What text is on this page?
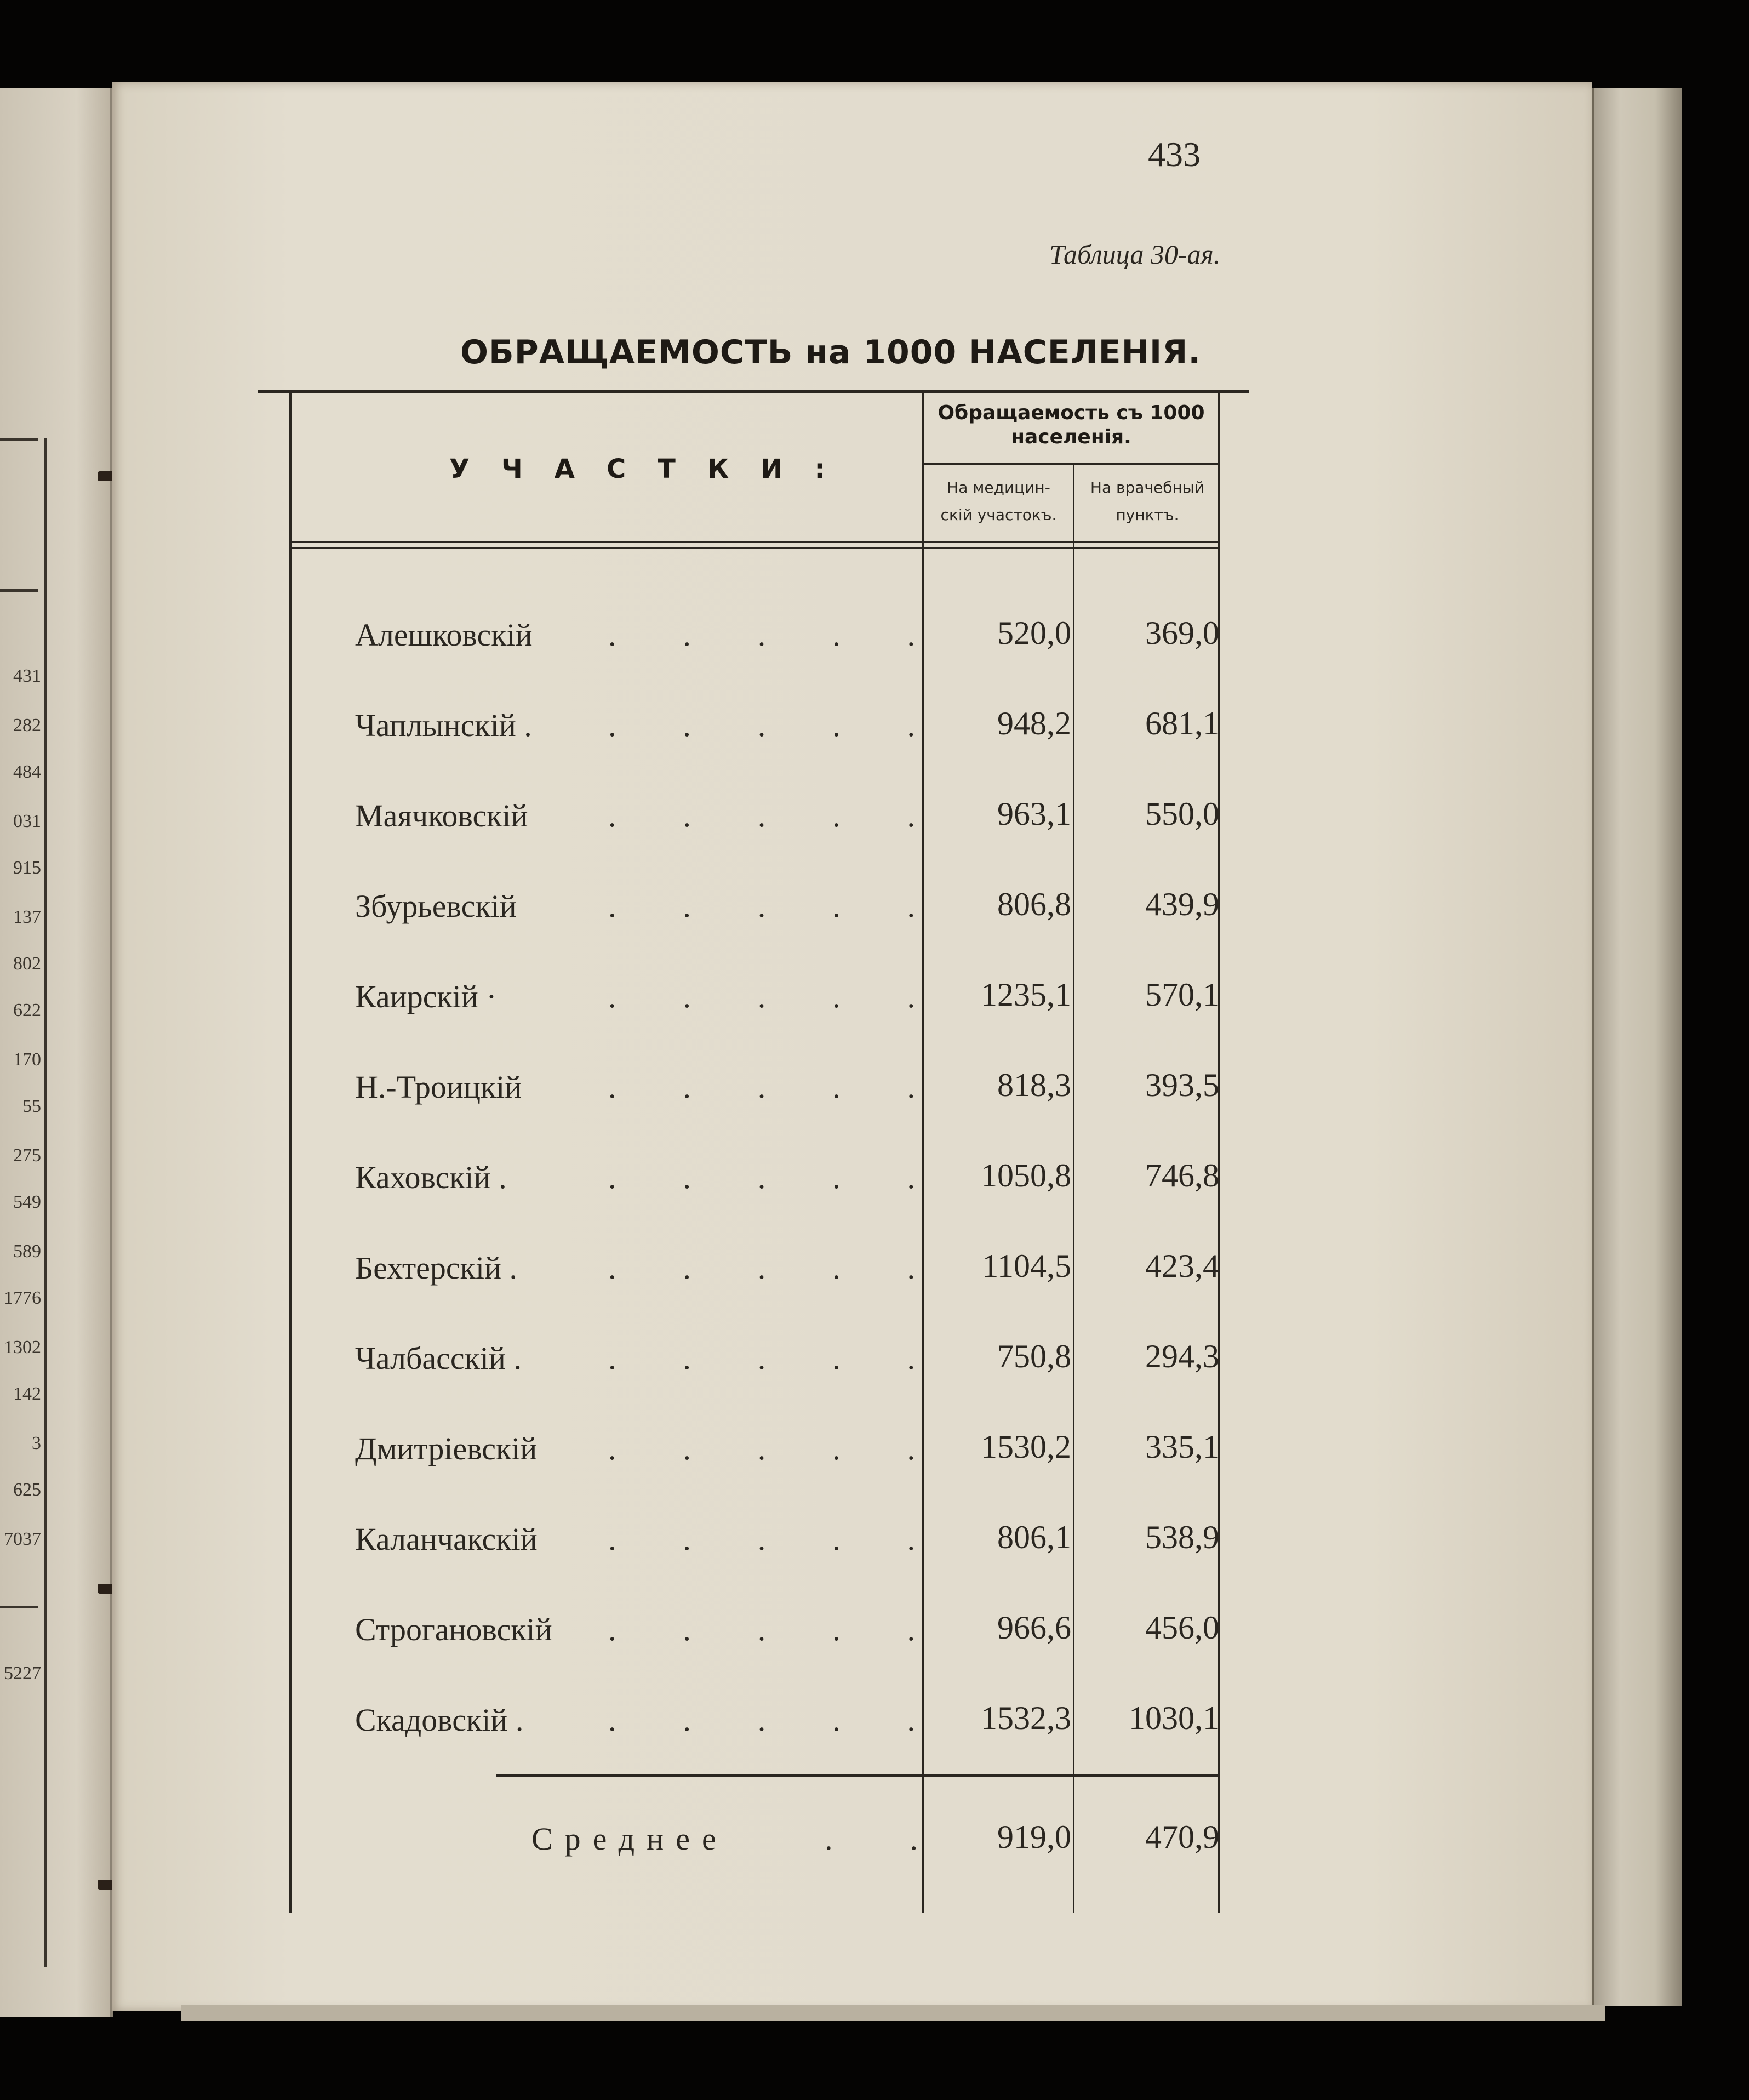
431
282
484
031
915
137
802
622
170
55
275
549
589
1776
1302
142
3
625
7037
5227
433
Таблица 30-ая.
ОБРАЩАЕМОСТЬ на 1000 НАСЕЛЕНIЯ.
УЧАСТКИ:
Обращаемость съ 1000 населенія.
На медицин-
скій участокъ.
На врачебный
пунктъ.
Алешковскій . . . . .	520,0	369,0
Чаплынскій . . . . . .	948,2	681,1
Маячковскій	. . . . .	963,1	550,0
Збурьевскій	. . . . .	806,8	439,9
Каирскій ·	. . . . .	1235,1	570,1
Н.-Троицкій	. . . . .	818,3	393,5
Каховскій .	. . . . .	1050,8	746,8
Бехтерскій .	. . . . .	1104,5	423,4
Чалбасскій .	. . . . .	750,8	294,3
Дмитріевскій . . . . .	1530,2	335,1
Каланчакскій . . . . .	806,1	538,9
Строгановскій . . . . .	966,6	456,0
Скадовскій .	. . . . .	1532,3	1030,1
Среднее	. .	919,0	470,9
